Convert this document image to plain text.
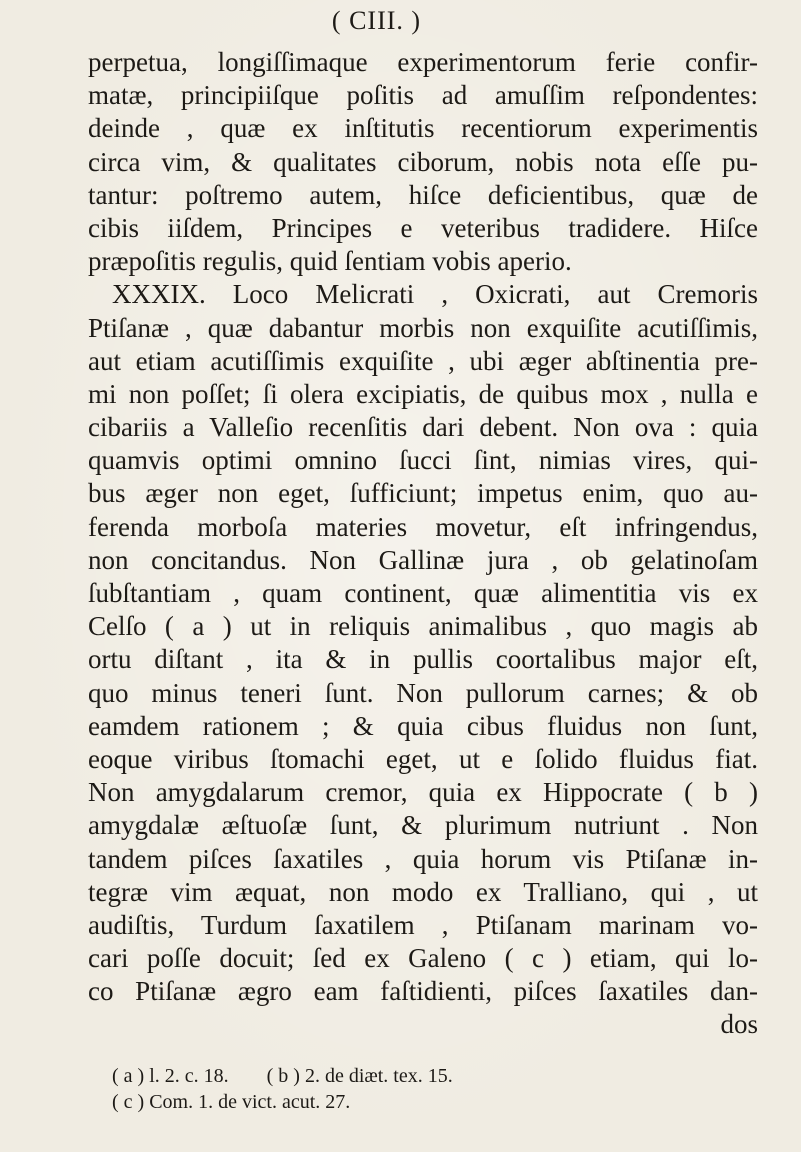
( CIII. )
perpetua, longiſſimaque experimentorum ferie confir-
matæ, principiiſque poſitis ad amuſſim reſpondentes:
deinde , quæ ex inſtitutis recentiorum experimentis
circa vim, & qualitates ciborum, nobis nota eſſe pu-
tantur: poſtremo autem, hiſce deficientibus, quæ de
cibis iiſdem, Principes e veteribus tradidere. Hiſce
præpoſitis regulis, quid ſentiam vobis aperio.
XXXIX. Loco Melicrati , Oxicrati, aut Cremoris
Ptiſanæ , quæ dabantur morbis non exquiſite acutiſſimis,
aut etiam acutiſſimis exquiſite , ubi æger abſtinentia pre-
mi non poſſet; ſi olera excipiatis, de quibus mox , nulla e
cibariis a Valleſio recenſitis dari debent. Non ova : quia
quamvis optimi omnino ſucci ſint, nimias vires, qui-
bus æger non eget, ſufficiunt; impetus enim, quo au-
ferenda morboſa materies movetur, eſt infringendus,
non concitandus. Non Gallinæ jura , ob gelatinoſam
ſubſtantiam , quam continent, quæ alimentitia vis ex
Celſo ( a ) ut in reliquis animalibus , quo magis ab
ortu diſtant , ita & in pullis coortalibus major eſt,
quo minus teneri ſunt. Non pullorum carnes; & ob
eamdem rationem ; & quia cibus fluidus non ſunt,
eoque viribus ſtomachi eget, ut e ſolido fluidus fiat.
Non amygdalarum cremor, quia ex Hippocrate ( b )
amygdalæ æſtuoſæ ſunt, & plurimum nutriunt . Non
tandem piſces ſaxatiles , quia horum vis Ptiſanæ in-
tegræ vim æquat, non modo ex Tralliano, qui , ut
audiſtis, Turdum ſaxatilem , Ptiſanam marinam vo-
cari poſſe docuit; ſed ex Galeno ( c ) etiam, qui lo-
co Ptiſanæ ægro eam faſtidienti, piſces ſaxatiles dan-
dos
( a ) l. 2. c. 18. ( b ) 2. de diæt. tex. 15.
( c ) Com. 1. de vict. acut. 27.
